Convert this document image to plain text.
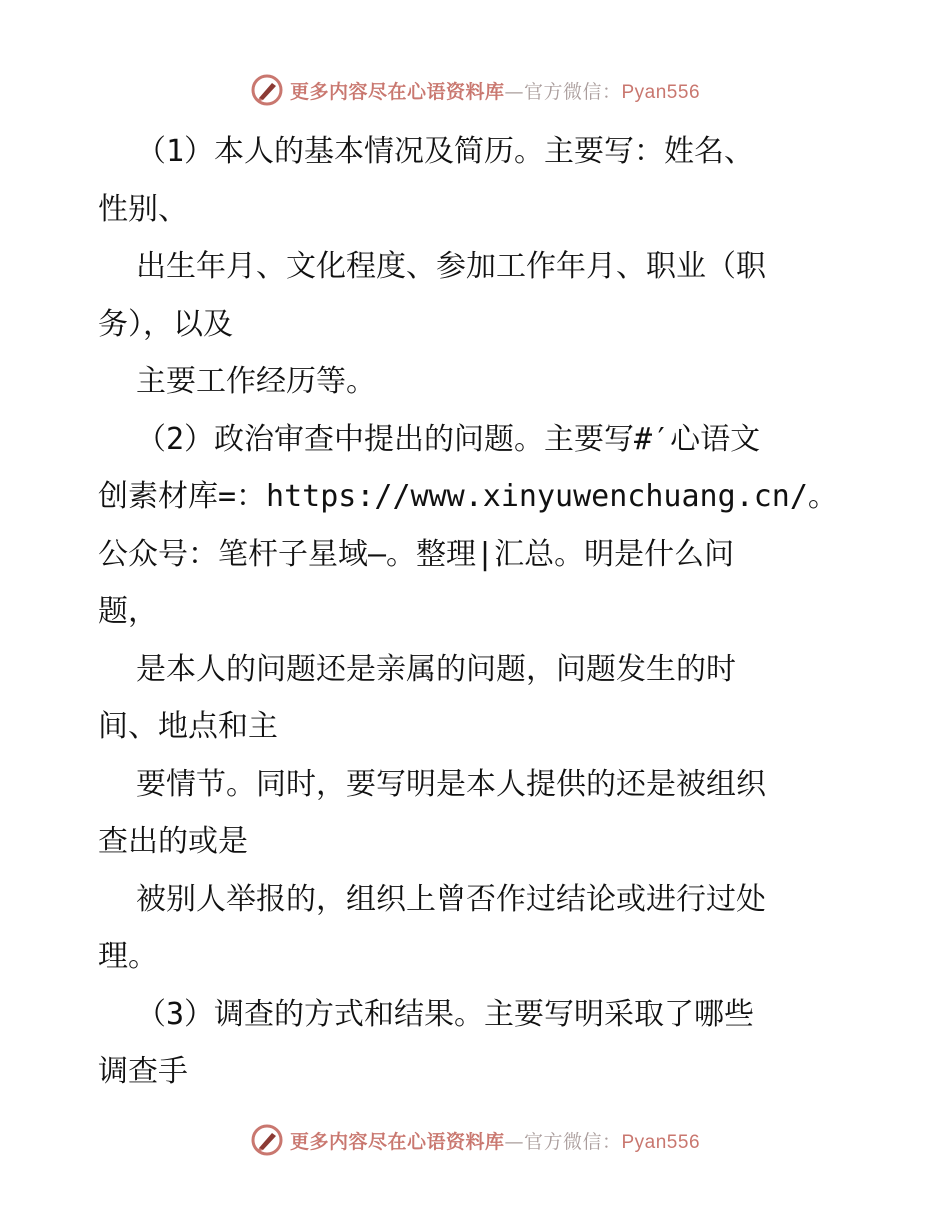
更多内容尽在心语资料库—官方微信：Pyan556
（1）本人的基本情况及简历。主要写：姓名、
性别、
出生年月、文化程度、参加工作年月、职业（职
务），以及
主要工作经历等。
（2）政治审查中提出的问题。主要写#′心语文
创素材库=：https://www.xinyuwenchuang.cn/。
公众号：笔杆子星域—。整理|汇总。明是什么问
题，
是本人的问题还是亲属的问题，问题发生的时
间、地点和主
要情节。同时，要写明是本人提供的还是被组织
查出的或是
被别人举报的，组织上曾否作过结论或进行过处
理。
（3）调查的方式和结果。主要写明采取了哪些
调查手
更多内容尽在心语资料库—官方微信：Pyan556
